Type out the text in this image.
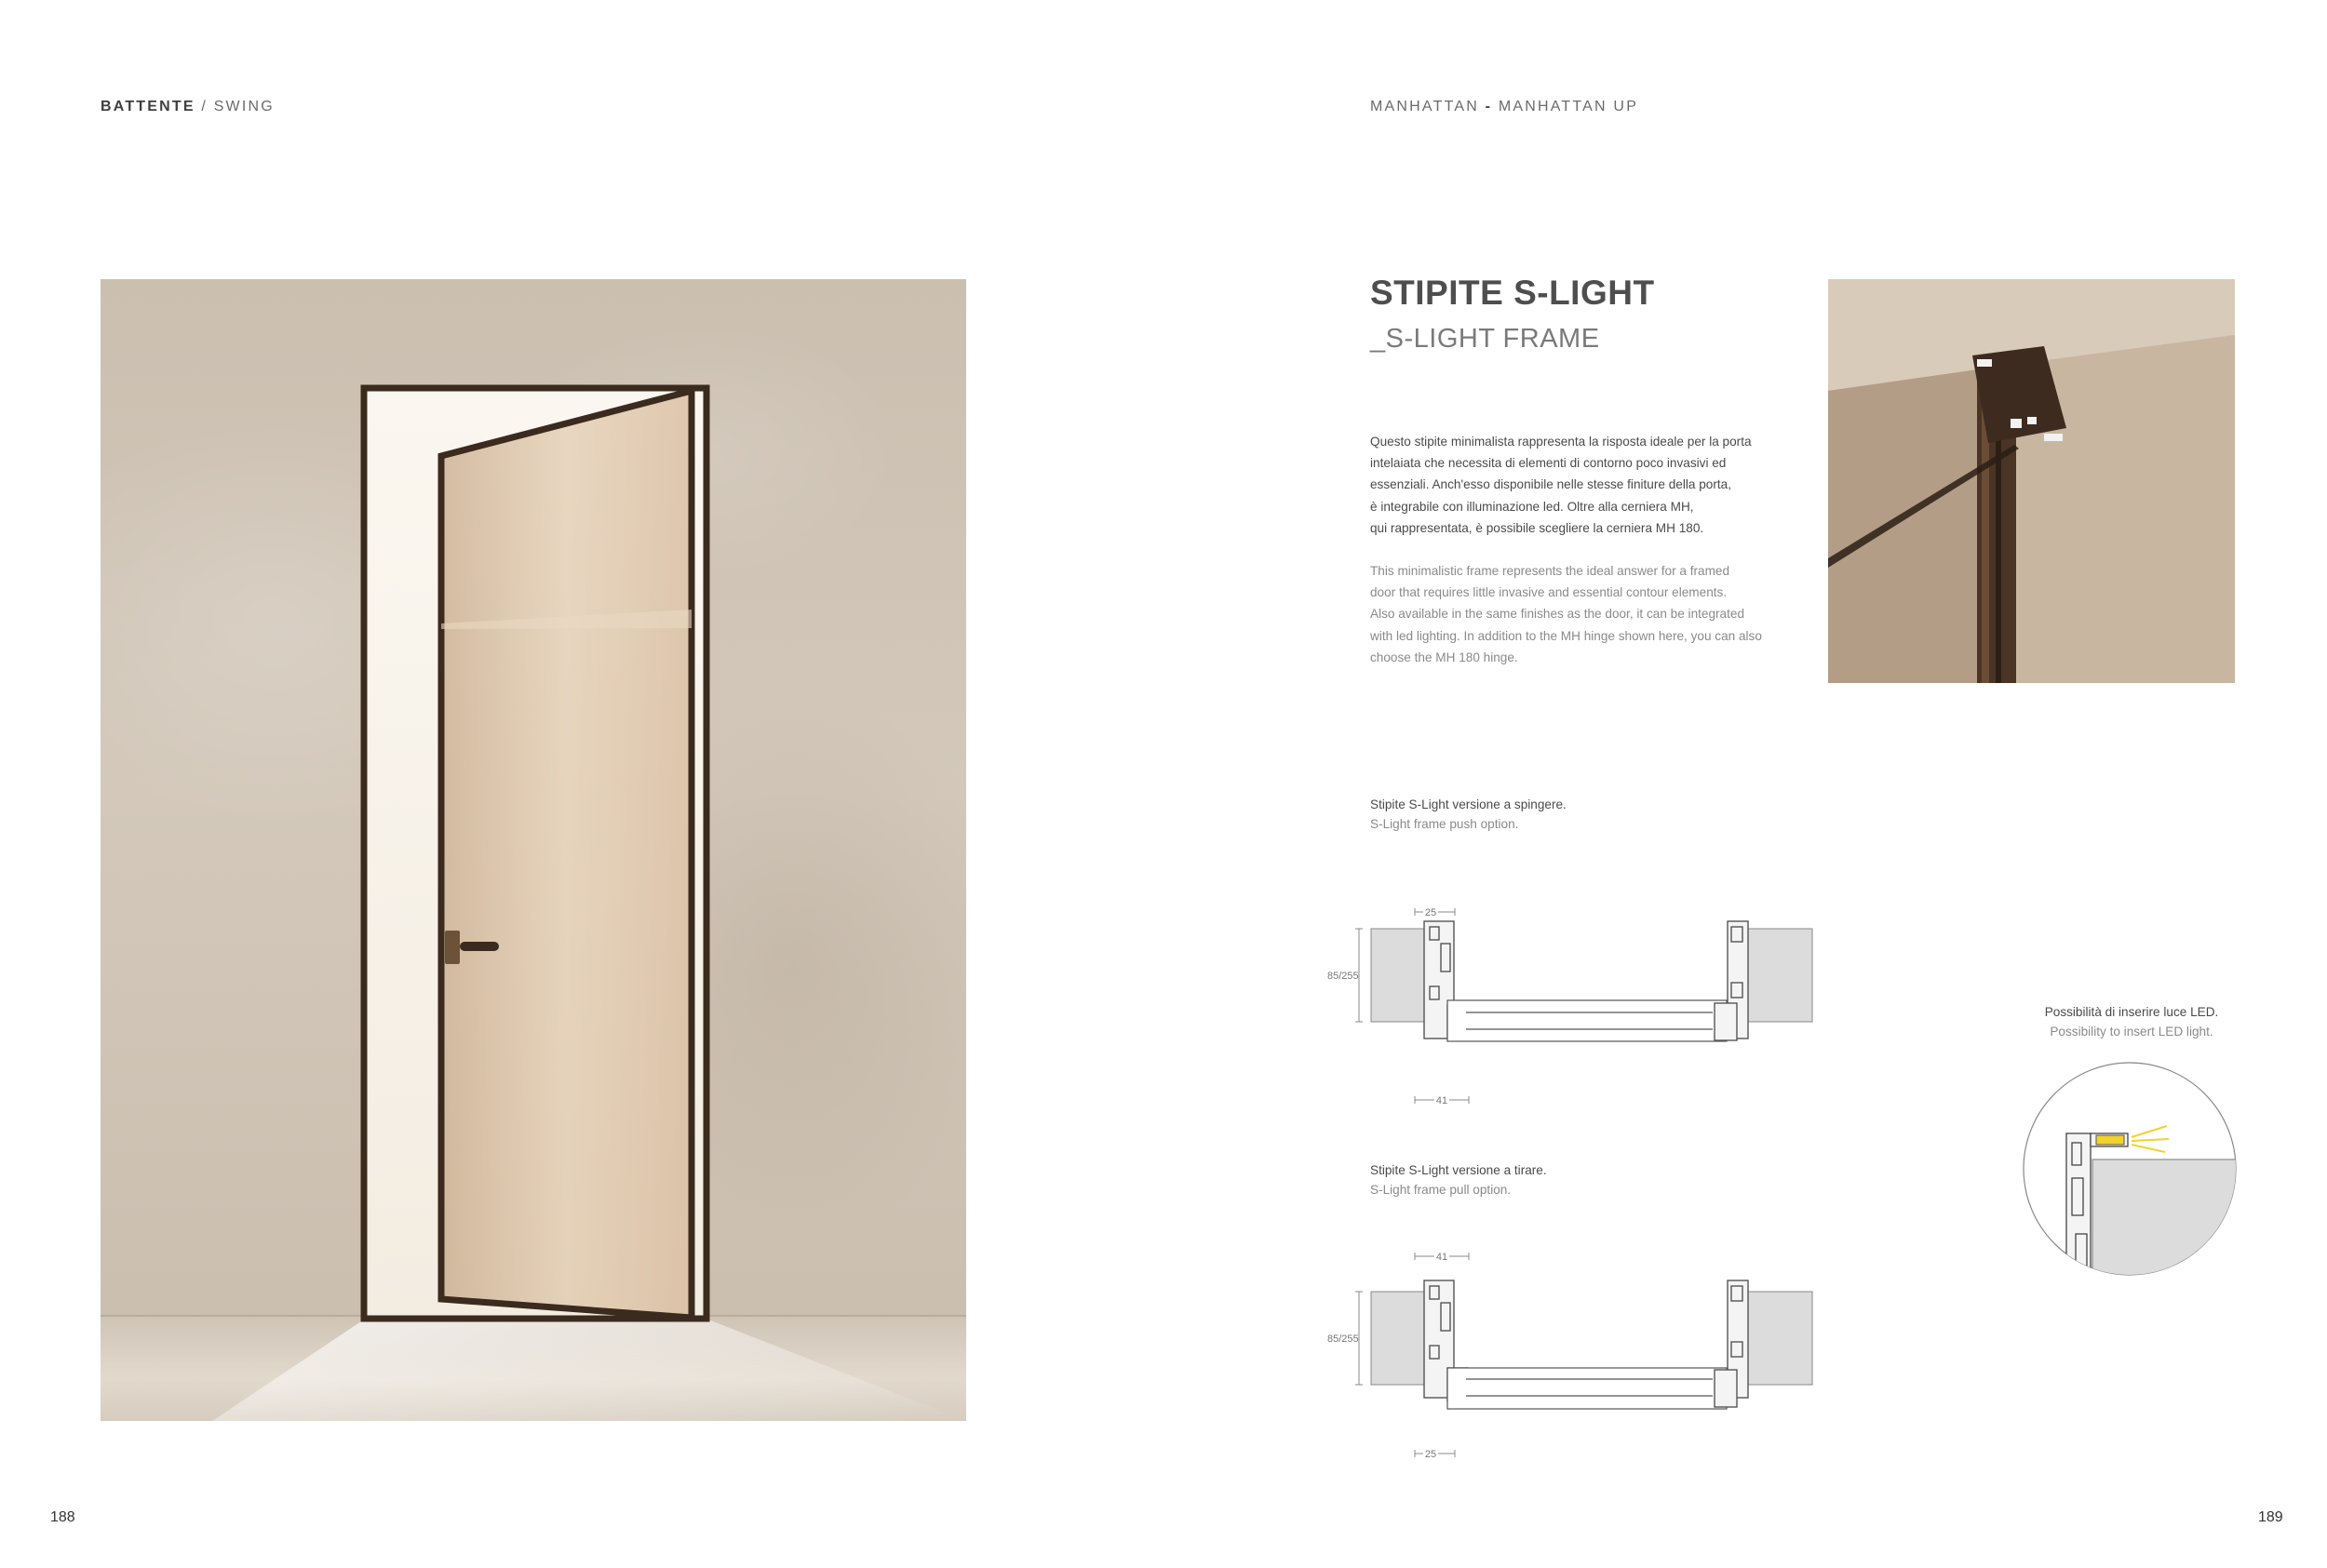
BATTENTE / SWING	MANHATTAN - MANHATTAN UP
STIPITE S-LIGHT
_S-LIGHT FRAME
Questo stipite minimalista rappresenta la risposta ideale per la porta
intelaiata che necessita di elementi di contorno poco invasivi ed
essenziali. Anch'esso disponibile nelle stesse finiture della porta,
è integrabile con illuminazione led. Oltre alla cerniera MH,
qui rappresentata, è possibile scegliere la cerniera MH 180.
This minimalistic frame represents the ideal answer for a framed
door that requires little invasive and essential contour elements.
Also available in the same finishes as the door, it can be integrated
with led lighting. In addition to the MH hinge shown here, you can also
choose the MH 180 hinge.
Stipite S-Light versione a spingere.
S-Light frame push option.
25
41
85/255
Stipite S-Light versione a tirare.
S-Light frame pull option.
41
25
85/255
Possibilità di inserire luce LED.
Possibility to insert LED light.
188	189
